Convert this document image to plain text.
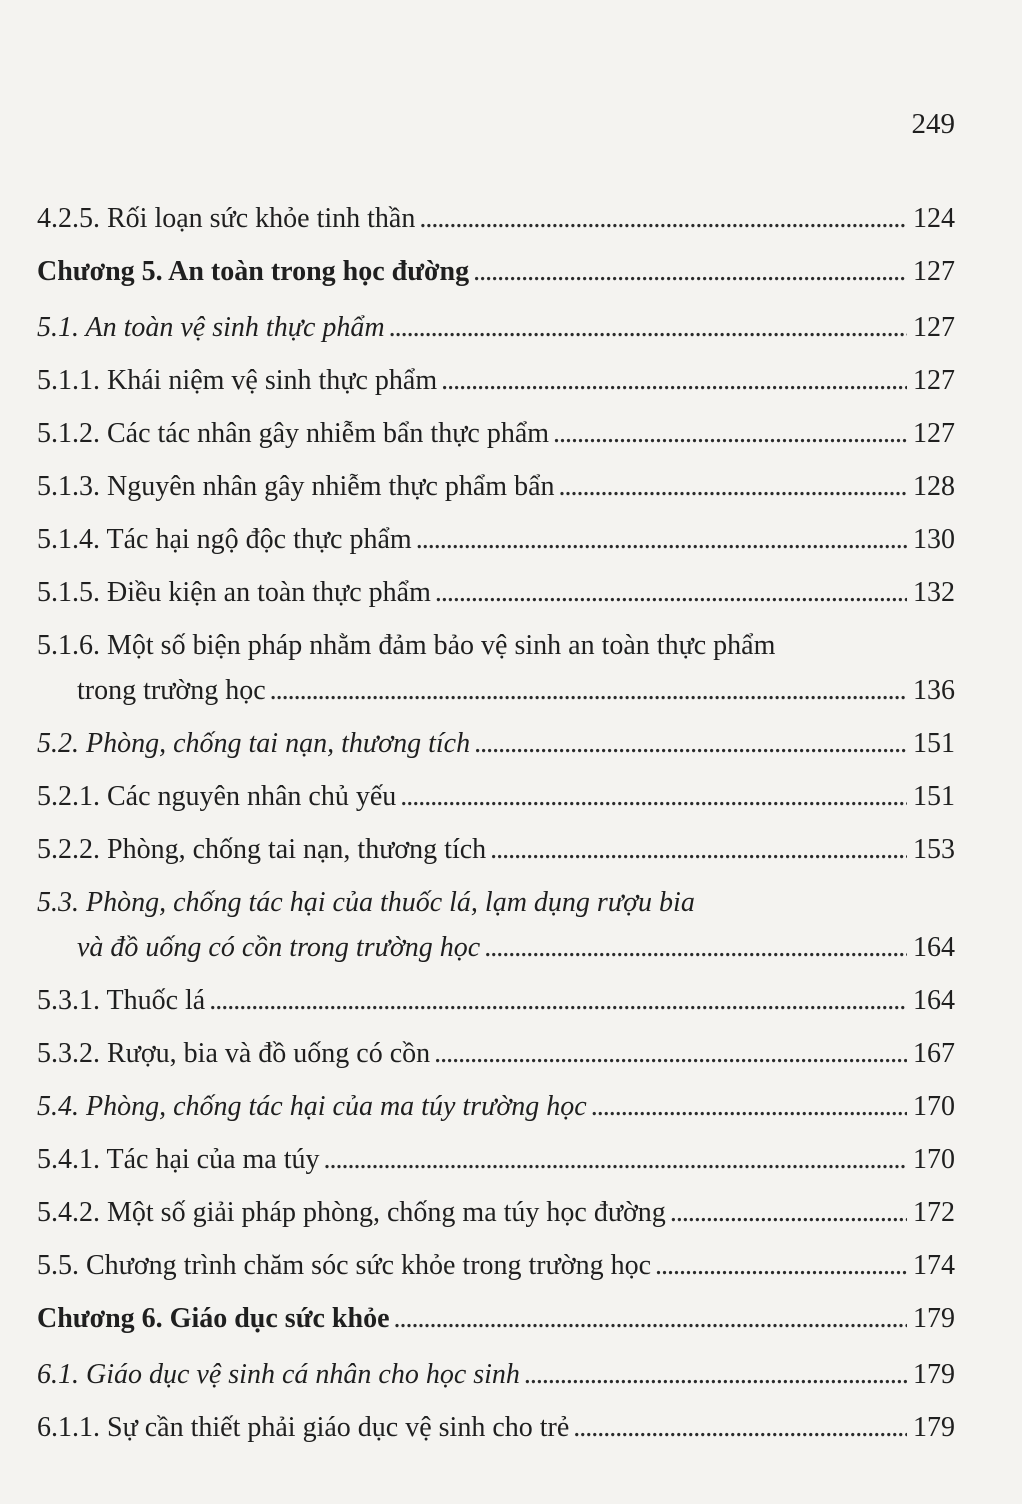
249
4.2.5. Rối loạn sức khỏe tinh thần . . .	124
Chương 5. An toàn trong học đường . . .	127
5.1. An toàn vệ sinh thực phẩm . . .	127
5.1.1. Khái niệm vệ sinh thực phẩm . . .	127
5.1.2. Các tác nhân gây nhiễm bẩn thực phẩm . . .	127
5.1.3. Nguyên nhân gây nhiễm thực phẩm bẩn . . .	128
5.1.4. Tác hại ngộ độc thực phẩm . . .	130
5.1.5. Điều kiện an toàn thực phẩm . . .	132
5.1.6. Một số biện pháp nhằm đảm bảo vệ sinh an toàn thực phẩm
trong trường học . . .	136
5.2. Phòng, chống tai nạn, thương tích . . .	151
5.2.1. Các nguyên nhân chủ yếu . . .	151
5.2.2. Phòng, chống tai nạn, thương tích . . .	153
5.3. Phòng, chống tác hại của thuốc lá, lạm dụng rượu bia
và đồ uống có cồn trong trường học . . .	164
5.3.1. Thuốc lá . . .	164
5.3.2. Rượu, bia và đồ uống có cồn . . .	167
5.4. Phòng, chống tác hại của ma túy trường học . . .	170
5.4.1. Tác hại của ma túy . . .	170
5.4.2. Một số giải pháp phòng, chống ma túy học đường . . .	172
5.5. Chương trình chăm sóc sức khỏe trong trường học . . .	174
Chương 6. Giáo dục sức khỏe . . .	179
6.1. Giáo dục vệ sinh cá nhân cho học sinh . . .	179
6.1.1. Sự cần thiết phải giáo dục vệ sinh cho trẻ . . .	179
